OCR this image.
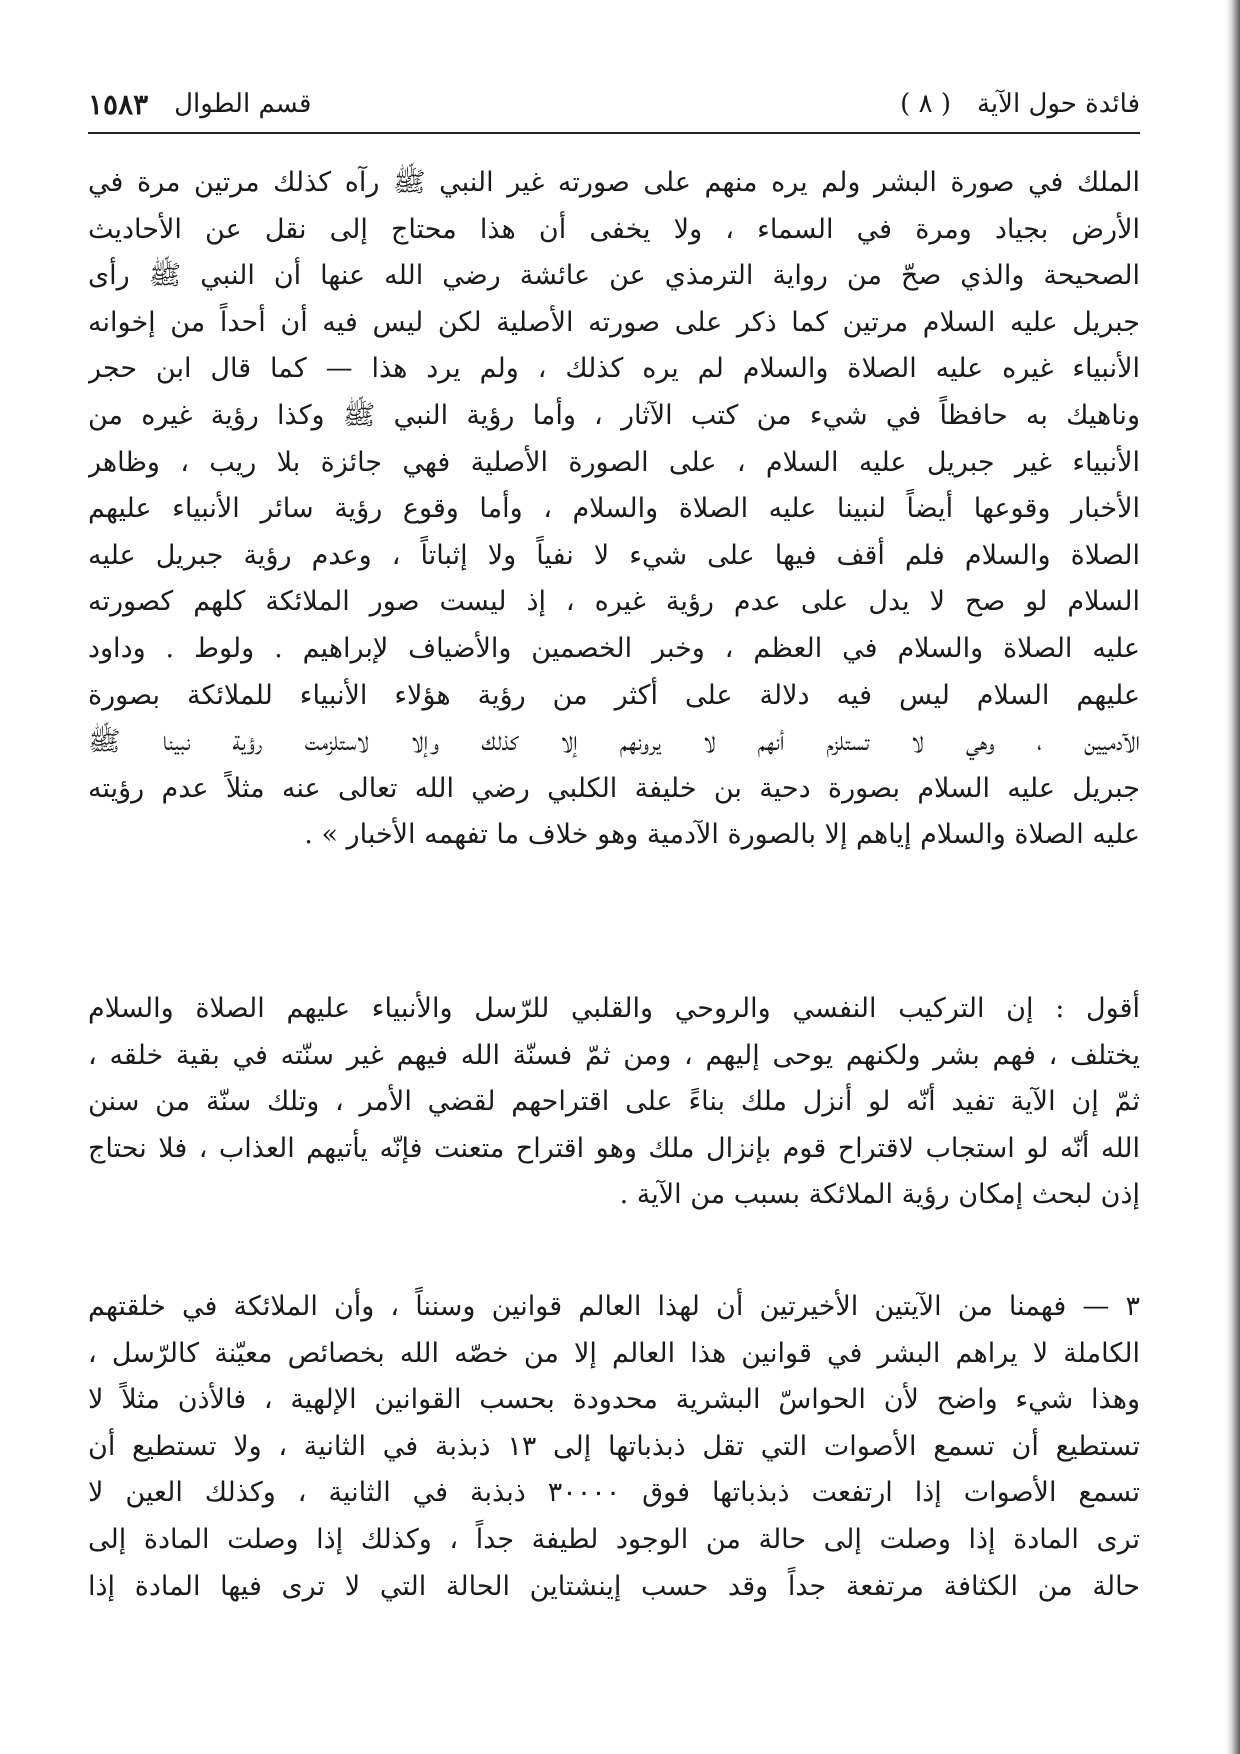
فائدة حول الآية
( ٨ )
قسم الطوال
١٥٨٣
الملك في صورة البشر ولم يره منهم على صورته غير النبي ﷺ رآه كذلك مرتين مرة في
الأرض بجياد ومرة في السماء ، ولا يخفى أن هذا محتاج إلى نقل عن الأحاديث
الصحيحة والذي صحّ من رواية الترمذي عن عائشة رضي الله عنها أن النبي ﷺ رأى
جبريل عليه السلام مرتين كما ذكر على صورته الأصلية لكن ليس فيه أن أحداً من إخوانه
الأنبياء غيره عليه الصلاة والسلام لم يره كذلك ، ولم يرد هذا — كما قال ابن حجر
وناهيك به حافظاً في شيء من كتب الآثار ، وأما رؤية النبي ﷺ وكذا رؤية غيره من
الأنبياء غير جبريل عليه السلام ، على الصورة الأصلية فهي جائزة بلا ريب ، وظاهر
الأخبار وقوعها أيضاً لنبينا عليه الصلاة والسلام ، وأما وقوع رؤية سائر الأنبياء عليهم
الصلاة والسلام فلم أقف فيها على شيء لا نفياً ولا إثباتاً ، وعدم رؤية جبريل عليه
السلام لو صح لا يدل على عدم رؤية غيره ، إذ ليست صور الملائكة كلهم كصورته
عليه الصلاة والسلام في العظم ، وخبر الخصمين والأضياف لإبراهيم . ولوط . وداود
عليهم السلام ليس فيه دلالة على أكثر من رؤية هؤلاء الأنبياء للملائكة بصورة
الآدميين ، وهي لا تستلزم أنهم لا يرونهم إلا كذلك وإلا لاستلزمت رؤية نبينا ﷺ
جبريل عليه السلام بصورة دحية بن خليفة الكلبي رضي الله تعالى عنه مثلاً عدم رؤيته
عليه الصلاة والسلام إياهم إلا بالصورة الآدمية وهو خلاف ما تفهمه الأخبار » .
أقول : إن التركيب النفسي والروحي والقلبي للرّسل والأنبياء عليهم الصلاة والسلام
يختلف ، فهم بشر ولكنهم يوحى إليهم ، ومن ثمّ فسنّة الله فيهم غير سنّته في بقية خلقه ،
ثمّ إن الآية تفيد أنّه لو أنزل ملك بناءً على اقتراحهم لقضي الأمر ، وتلك سنّة من سنن
الله أنّه لو استجاب لاقتراح قوم بإنزال ملك وهو اقتراح متعنت فإنّه يأتيهم العذاب ، فلا نحتاج
إذن لبحث إمكان رؤية الملائكة بسبب من الآية .
٣ — فهمنا من الآيتين الأخيرتين أن لهذا العالم قوانين وسنناً ، وأن الملائكة في خلقتهم
الكاملة لا يراهم البشر في قوانين هذا العالم إلا من خصّه الله بخصائص معيّنة كالرّسل ،
وهذا شيء واضح لأن الحواسّ البشرية محدودة بحسب القوانين الإلهية ، فالأذن مثلاً لا
تستطيع أن تسمع الأصوات التي تقل ذبذباتها إلى ١٣ ذبذبة في الثانية ، ولا تستطيع أن
تسمع الأصوات إذا ارتفعت ذبذباتها فوق ٣٠٠٠٠ ذبذبة في الثانية ، وكذلك العين لا
ترى المادة إذا وصلت إلى حالة من الوجود لطيفة جداً ، وكذلك إذا وصلت المادة إلى
حالة من الكثافة مرتفعة جداً وقد حسب إينشتاين الحالة التي لا ترى فيها المادة إذا
